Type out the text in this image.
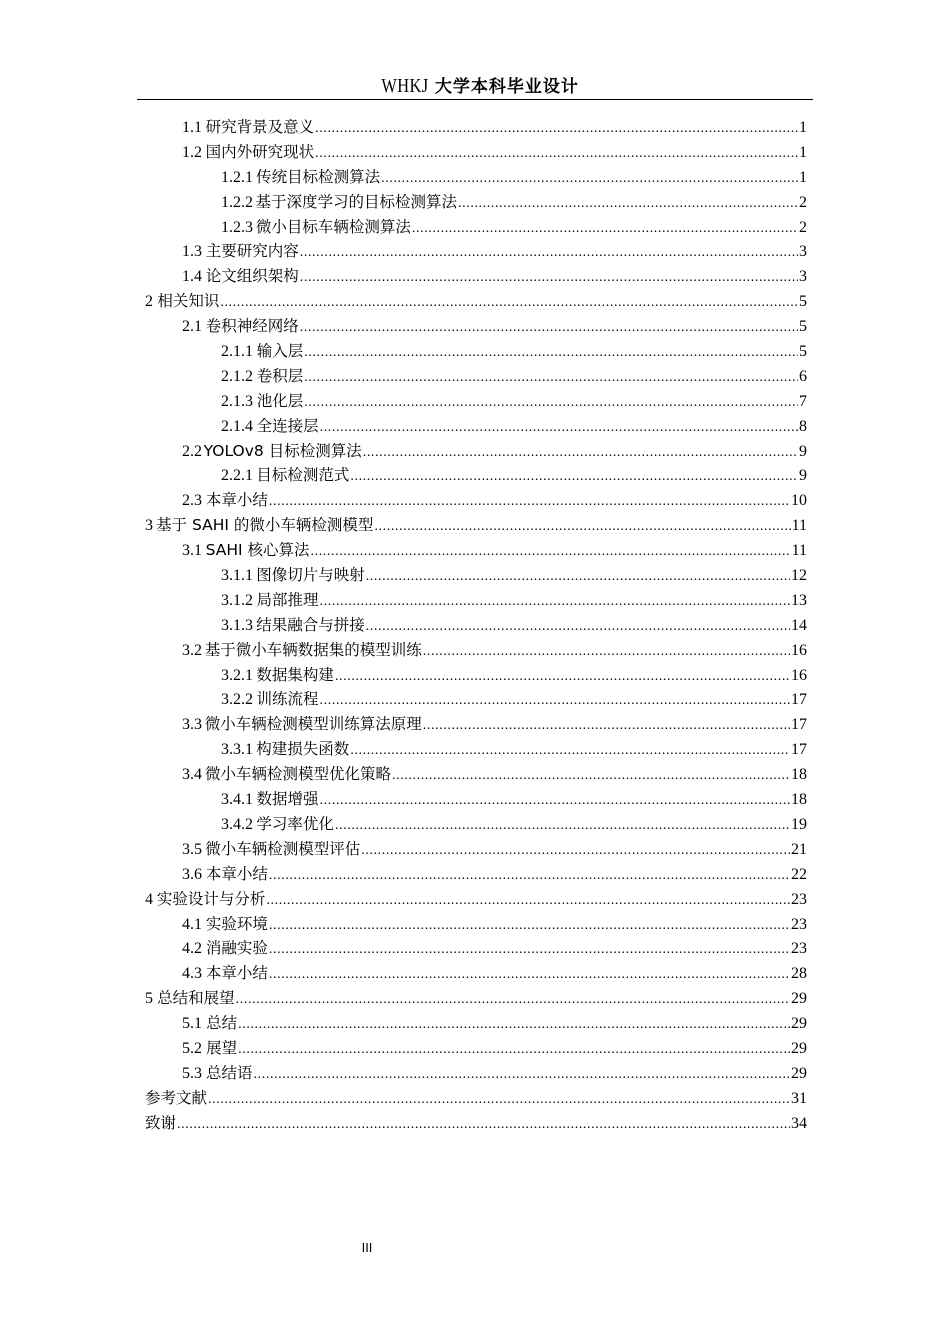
WHKJ 大学本科毕业设计
1.1 研究背景及意义 .....	1
1.2 国内外研究现状 .....	1
1.2.1 传统目标检测算法 .....	1
1.2.2 基于深度学习的目标检测算法 .....	2
1.2.3 微小目标车辆检测算法 .....	2
1.3 主要研究内容 .....	3
1.4 论文组织架构 .....	3
2 相关知识 .....	5
2.1 卷积神经网络 .....	5
2.1.1 输入层 .....	5
2.1.2 卷积层 .....	6
2.1.3 池化层 .....	7
2.1.4 全连接层 .....	8
2.2 YOLOv8 目标检测算法 .....	9
2.2.1 目标检测范式 .....	9
2.3 本章小结 .....	10
3 基于 SAHI 的微小车辆检测模型 .....	11
3.1 SAHI 核心算法 .....	11
3.1.1 图像切片与映射 .....	12
3.1.2 局部推理 .....	13
3.1.3 结果融合与拼接 .....	14
3.2 基于微小车辆数据集的模型训练 .....	16
3.2.1 数据集构建 .....	16
3.2.2 训练流程 .....	17
3.3 微小车辆检测模型训练算法原理 .....	17
3.3.1 构建损失函数 .....	17
3.4 微小车辆检测模型优化策略 .....	18
3.4.1 数据增强 .....	18
3.4.2 学习率优化 .....	19
3.5 微小车辆检测模型评估 .....	21
3.6 本章小结 .....	22
4 实验设计与分析 .....	23
4.1 实验环境 .....	23
4.2 消融实验 .....	23
4.3 本章小结 .....	28
5 总结和展望 .....	29
5.1 总结 .....	29
5.2 展望 .....	29
5.3 总结语 .....	29
参考文献 .....	31
致谢 .....	34
III
